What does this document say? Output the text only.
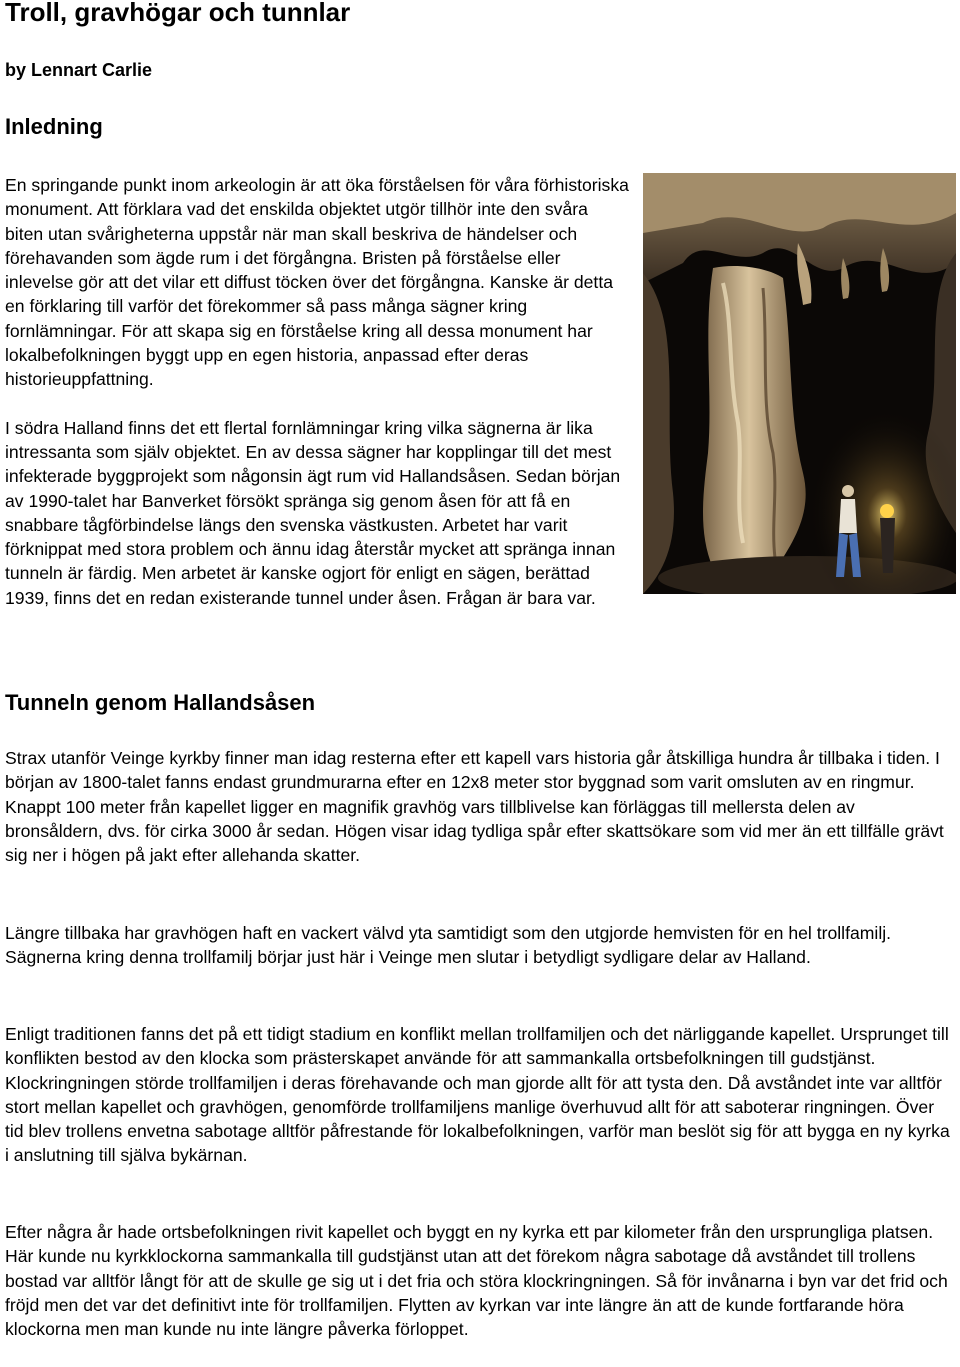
Troll, gravhögar och tunnlar
by Lennart Carlie
Inledning

En springande punkt inom arkeologin är att öka förståelsen för våra förhistoriska monument. Att förklara vad det enskilda objektet utgör tillhör inte den svåra biten utan svårigheterna uppstår när man skall beskriva de händelser och förehavanden som ägde rum i det förgångna. Bristen på förståelse eller inlevelse gör att det vilar ett diffust töcken över det förgångna. Kanske är detta en förklaring till varför det förekommer så pass många sägner kring fornlämningar. För att skapa sig en förståelse kring all dessa monument har lokalbefolkningen byggt upp en egen historia, anpassad efter deras historieuppfattning.

I södra Halland finns det ett flertal fornlämningar kring vilka sägnerna är lika intressanta som själv objektet. En av dessa sägner har kopplingar till det mest infekterade byggprojekt som någonsin ägt rum vid Hallandsåsen. Sedan början av 1990-talet har Banverket försökt spränga sig genom åsen för att få en snabbare tågförbindelse längs den svenska västkusten. Arbetet har varit förknippat med stora problem och ännu idag återstår mycket att spränga innan tunneln är färdig. Men arbetet är kanske ogjort för enligt en sägen, berättad 1939, finns det en redan existerande tunnel under åsen. Frågan är bara var.

Tunneln genom Hallandsåsen

Strax utanför Veinge kyrkby finner man idag resterna efter ett kapell vars historia går åtskilliga hundra år tillbaka i tiden. I början av 1800-talet fanns endast grundmurarna efter en 12x8 meter stor byggnad som varit omsluten av en ringmur. Knappt 100 meter från kapellet ligger en magnifik gravhög vars tillblivelse kan förläggas till mellersta delen av bronsåldern, dvs. för cirka 3000 år sedan. Högen visar idag tydliga spår efter skattsökare som vid mer än ett tillfälle grävt sig ner i högen på jakt efter allehanda skatter.

Längre tillbaka har gravhögen haft en vackert välvd yta samtidigt som den utgjorde hemvisten för en hel trollfamilj. Sägnerna kring denna trollfamilj börjar just här i Veinge men slutar i betydligt sydligare delar av Halland.

Enligt traditionen fanns det på ett tidigt stadium en konflikt mellan trollfamiljen och det närliggande kapellet. Ursprunget till konflikten bestod av den klocka som prästerskapet använde för att sammankalla ortsbefolkningen till gudstjänst. Klockringningen störde trollfamiljen i deras förehavande och man gjorde allt för att tysta den. Då avståndet inte var alltför stort mellan kapellet och gravhögen, genomförde trollfamiljens manlige överhuvud allt för att saboterar ringningen. Över tid blev trollens envetna sabotage alltför påfrestande för lokalbefolkningen, varför man beslöt sig för att bygga en ny kyrka i anslutning till själva bykärnan.

Efter några år hade ortsbefolkningen rivit kapellet och byggt en ny kyrka ett par kilometer från den ursprungliga platsen. Här kunde nu kyrkklockorna sammankalla till gudstjänst utan att det förekom några sabotage då avståndet till trollens bostad var alltför långt för att de skulle ge sig ut i det fria och störa klockringningen. Så för invånarna i byn var det frid och fröjd men det var det definitivt inte för trollfamiljen. Flytten av kyrkan var inte längre än att de kunde fortfarande höra klockorna men man kunde nu inte längre påverka förloppet.
